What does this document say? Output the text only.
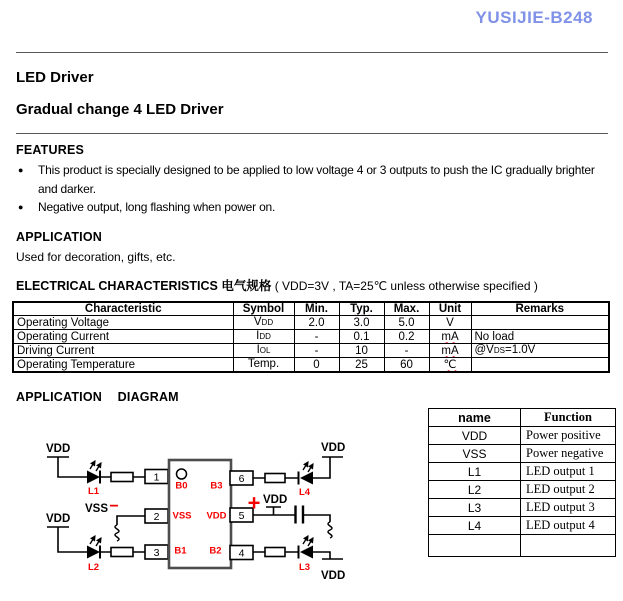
YUSIJIE-B248
LED Driver
Gradual change 4 LED Driver
FEATURES
●	This product is specially designed to be applied to low voltage 4 or 3 outputs to push the IC gradually brighter and darker.
●	Negative output, long flashing when power on.
APPLICATION
Used for decoration, gifts, etc.
ELECTRICAL CHARACTERISTICS 电气规格 ( VDD=3V , TA=25℃ unless otherwise specified )
Characteristic	Symbol	Min.	Typ.	Max.	Unit	Remarks
Operating Voltage	VDD	2.0	3.0	5.0	V	
Operating Current	IDD	-	0.1	0.2	mA	No load
Driving Current	IOL	-	10	-	mA	@VDS=1.0V
Operating Temperature	Temp.	0	25	60	℃	
APPLICATION DIAGRAM
VDD
L1
1
VSS −
2
VDD
L2
3
B0 B3
VSS VDD
B1 B2
6
L4
VDD
5
+ VDD
4
L3
VDD
name	Function
VDD	Power positive
VSS	Power negative
L1	LED output 1
L2	LED output 2
L3	LED output 3
L4	LED output 4
